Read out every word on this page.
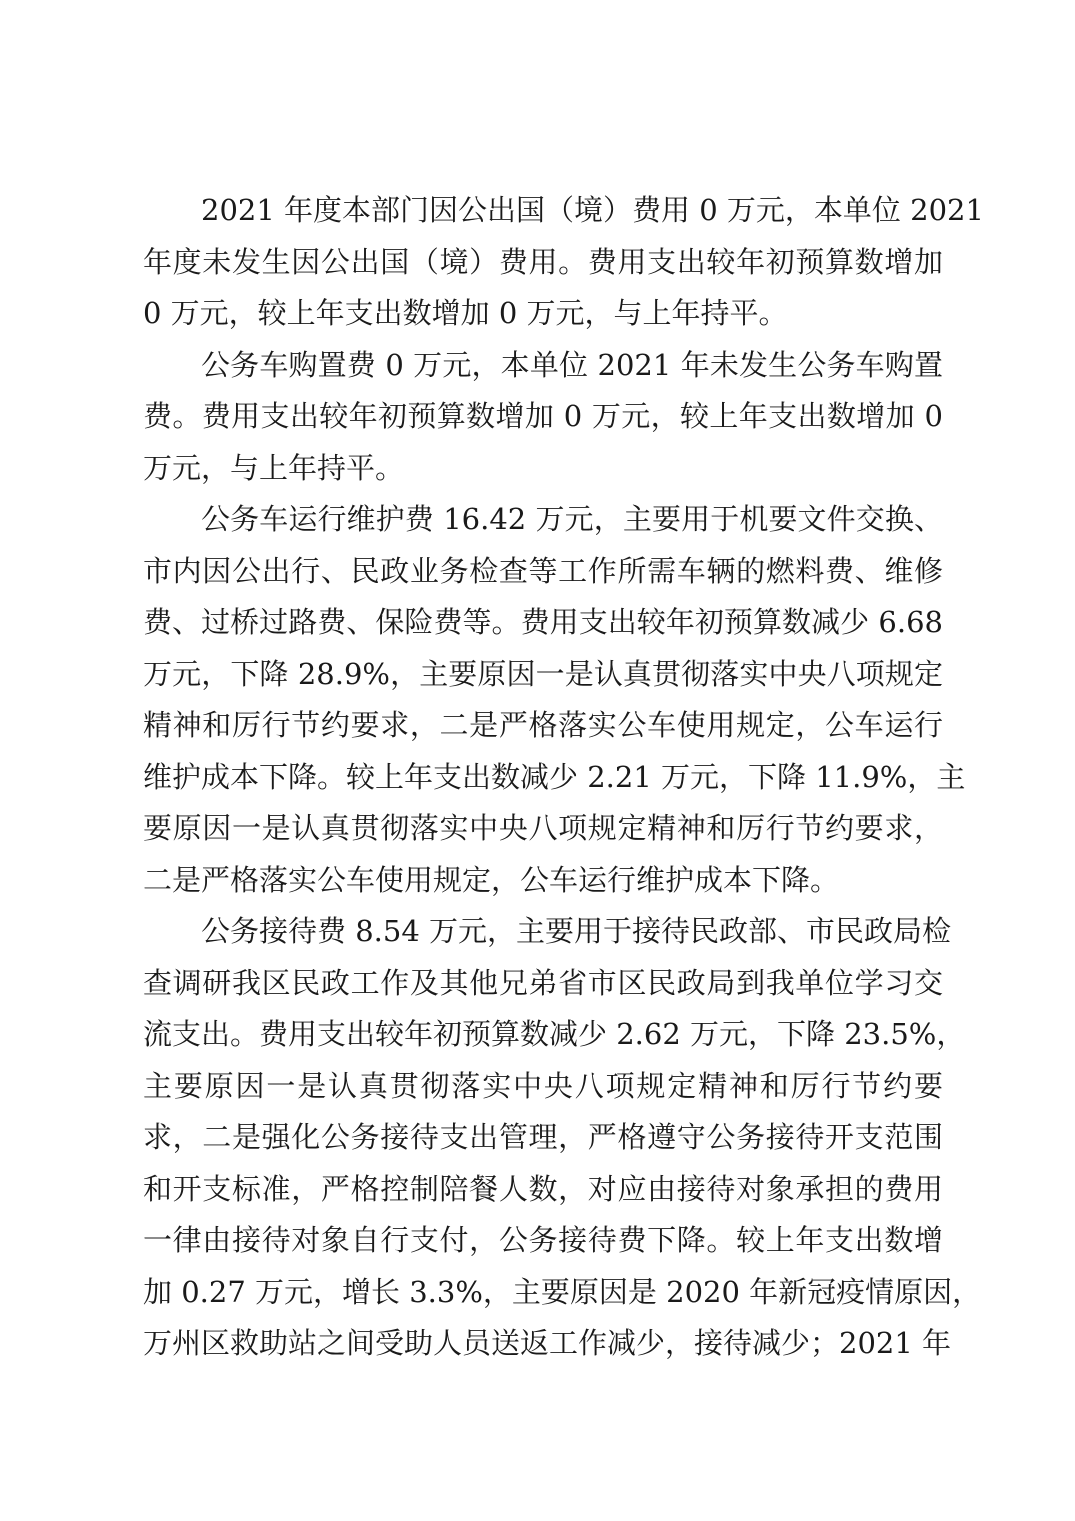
2021 年度本部门因公出国（境）费用 0 万元，本单位 2021
年度未发生因公出国（境）费用。费用支出较年初预算数增加
0 万元，较上年支出数增加 0 万元，与上年持平。
公务车购置费 0 万元，本单位 2021 年未发生公务车购置
费。费用支出较年初预算数增加 0 万元，较上年支出数增加 0
万元，与上年持平。
公务车运行维护费 16.42 万元，主要用于机要文件交换、
市内因公出行、民政业务检查等工作所需车辆的燃料费、维修
费、过桥过路费、保险费等。费用支出较年初预算数减少 6.68
万元，下降 28.9%，主要原因一是认真贯彻落实中央八项规定
精神和厉行节约要求，二是严格落实公车使用规定，公车运行
维护成本下降。较上年支出数减少 2.21 万元，下降 11.9%，主
要原因一是认真贯彻落实中央八项规定精神和厉行节约要求，
二是严格落实公车使用规定，公车运行维护成本下降。
公务接待费 8.54 万元，主要用于接待民政部、市民政局检
查调研我区民政工作及其他兄弟省市区民政局到我单位学习交
流支出。费用支出较年初预算数减少 2.62 万元，下降 23.5%，
主要原因一是认真贯彻落实中央八项规定精神和厉行节约要
求，二是强化公务接待支出管理，严格遵守公务接待开支范围
和开支标准，严格控制陪餐人数，对应由接待对象承担的费用
一律由接待对象自行支付，公务接待费下降。较上年支出数增
加 0.27 万元，增长 3.3%，主要原因是 2020 年新冠疫情原因，
万州区救助站之间受助人员送返工作减少，接待减少；2021 年
